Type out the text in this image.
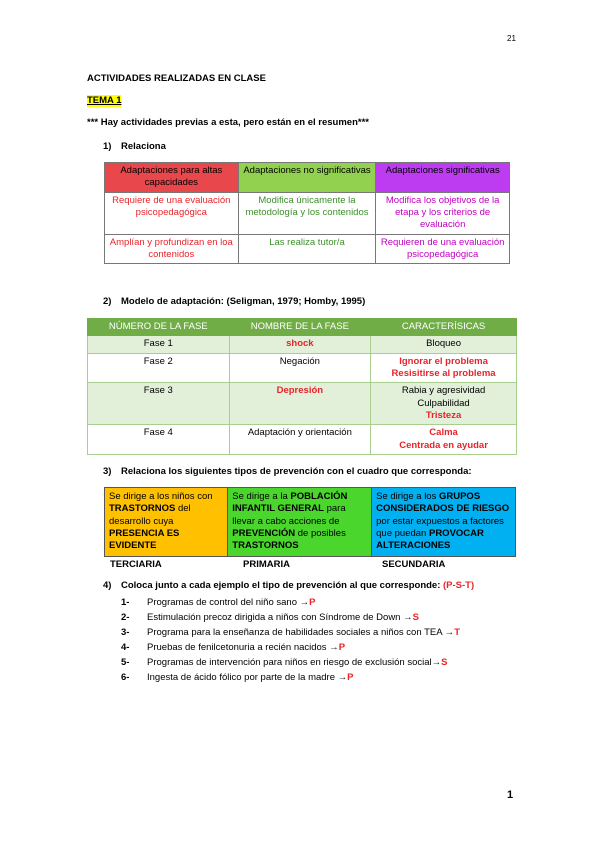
21
ACTIVIDADES REALIZADAS EN CLASE
TEMA 1
*** Hay actividades previas a esta, pero están en el resumen***
1) Relaciona
Adaptaciones para altas capacidades	Adaptaciones no significativas	Adaptaciones significativas
Requiere de una evaluación psicopedagógica	Modifica únicamente la metodología y los contenidos	Modifica los objetivos de la etapa y los criterios de evaluación
Amplían y profundizan en loa contenidos	Las realiza tutor/a	Requieren de una evaluación psicopedagógica
2) Modelo de adaptación: (Seligman, 1979; Homby, 1995)
NÚMERO DE LA FASE	NOMBRE DE LA FASE	CARACTERÍSICAS
Fase 1	shock	Bloqueo

Fase 2	Negación	Ignorar el problema
Resisitirse al problema

Fase 3	Depresión	Rabia y agresividad
Culpabilidad
Tristeza

Fase 4	Adaptación y orientación	Calma
Centrada en ayudar
3) Relaciona los siguientes tipos de prevención con el cuadro que corresponda:
Se dirige a los niños con TRASTORNOS del desarrollo cuya PRESENCIA ES EVIDENTE	Se dirige a la POBLACIÓN INFANTIL GENERAL para llevar a cabo acciones de PREVENCIÓN de posibles TRASTORNOS	Se dirige a los GRUPOS CONSIDERADOS DE RIESGO por estar expuestos a factores que puedan PROVOCAR ALTERACIONES
TERCIARIA	PRIMARIA	SECUNDARIA
4) Coloca junto a cada ejemplo el tipo de prevención al que corresponde: (P-S-T)
1-	Programas de control del niño sano → P
2-	Estimulación precoz dirigida a niños con Síndrome de Down → S
3-	Programa para la enseñanza de habilidades sociales a niños con TEA → T
4-	Pruebas de fenilcetonuria a recién nacidos → P
5-	Programas de intervención para niños en riesgo de exclusión social→ S
6-	Ingesta de ácido fólico por parte de la madre → P
1
